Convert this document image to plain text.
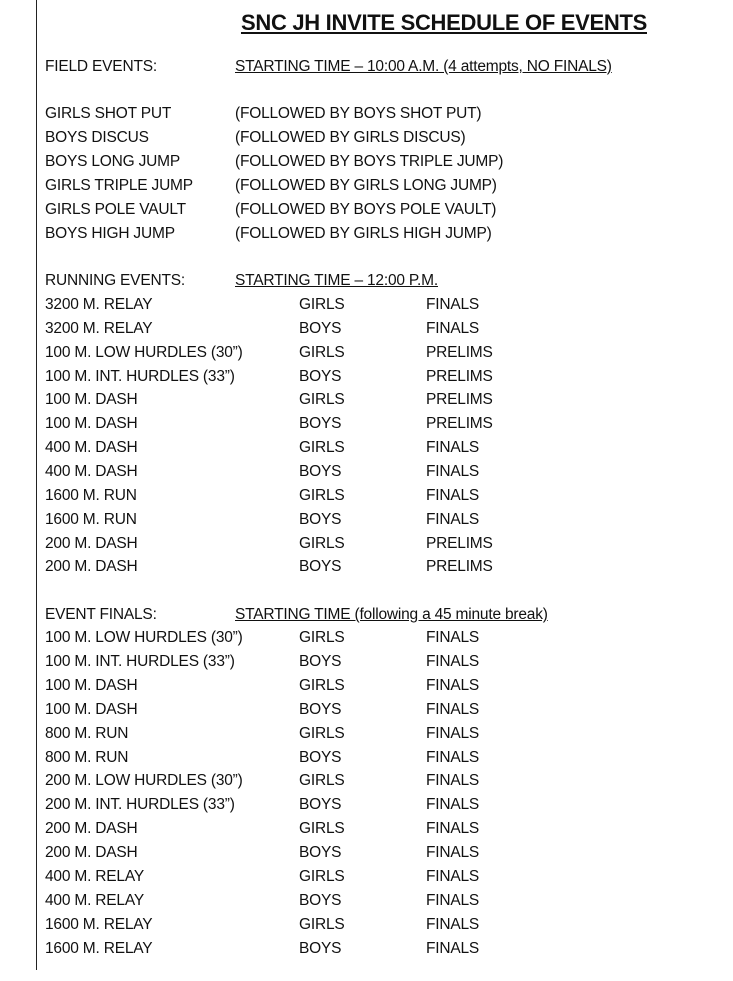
SNC JH INVITE SCHEDULE OF EVENTS
FIELD EVENTS:	STARTING TIME – 10:00 A.M. (4 attempts, NO FINALS)
GIRLS SHOT PUT	(FOLLOWED BY BOYS SHOT PUT)
BOYS DISCUS	(FOLLOWED BY GIRLS DISCUS)
BOYS LONG JUMP	(FOLLOWED BY BOYS TRIPLE JUMP)
GIRLS TRIPLE JUMP	(FOLLOWED BY GIRLS LONG JUMP)
GIRLS POLE VAULT	(FOLLOWED BY BOYS POLE VAULT)
BOYS HIGH JUMP	(FOLLOWED BY GIRLS HIGH JUMP)
RUNNING EVENTS:	STARTING TIME – 12:00 P.M.
3200 M. RELAY	GIRLS	FINALS
3200 M. RELAY	BOYS	FINALS
100 M. LOW HURDLES (30”)	GIRLS	PRELIMS
100 M. INT. HURDLES (33”)	BOYS	PRELIMS
100 M. DASH	GIRLS	PRELIMS
100 M. DASH	BOYS	PRELIMS
400 M. DASH	GIRLS	FINALS
400 M. DASH	BOYS	FINALS
1600 M. RUN	GIRLS	FINALS
1600 M. RUN	BOYS	FINALS
200 M. DASH	GIRLS	PRELIMS
200 M. DASH	BOYS	PRELIMS
EVENT FINALS:	STARTING TIME (following a 45 minute break)
100 M. LOW HURDLES (30”)	GIRLS	FINALS
100 M. INT. HURDLES (33”)	BOYS	FINALS
100 M. DASH	GIRLS	FINALS
100 M. DASH	BOYS	FINALS
800 M. RUN	GIRLS	FINALS
800 M. RUN	BOYS	FINALS
200 M. LOW HURDLES (30”)	GIRLS	FINALS
200 M. INT. HURDLES (33”)	BOYS	FINALS
200 M. DASH	GIRLS	FINALS
200 M. DASH	BOYS	FINALS
400 M. RELAY	GIRLS	FINALS
400 M. RELAY	BOYS	FINALS
1600 M. RELAY	GIRLS	FINALS
1600 M. RELAY	BOYS	FINALS
